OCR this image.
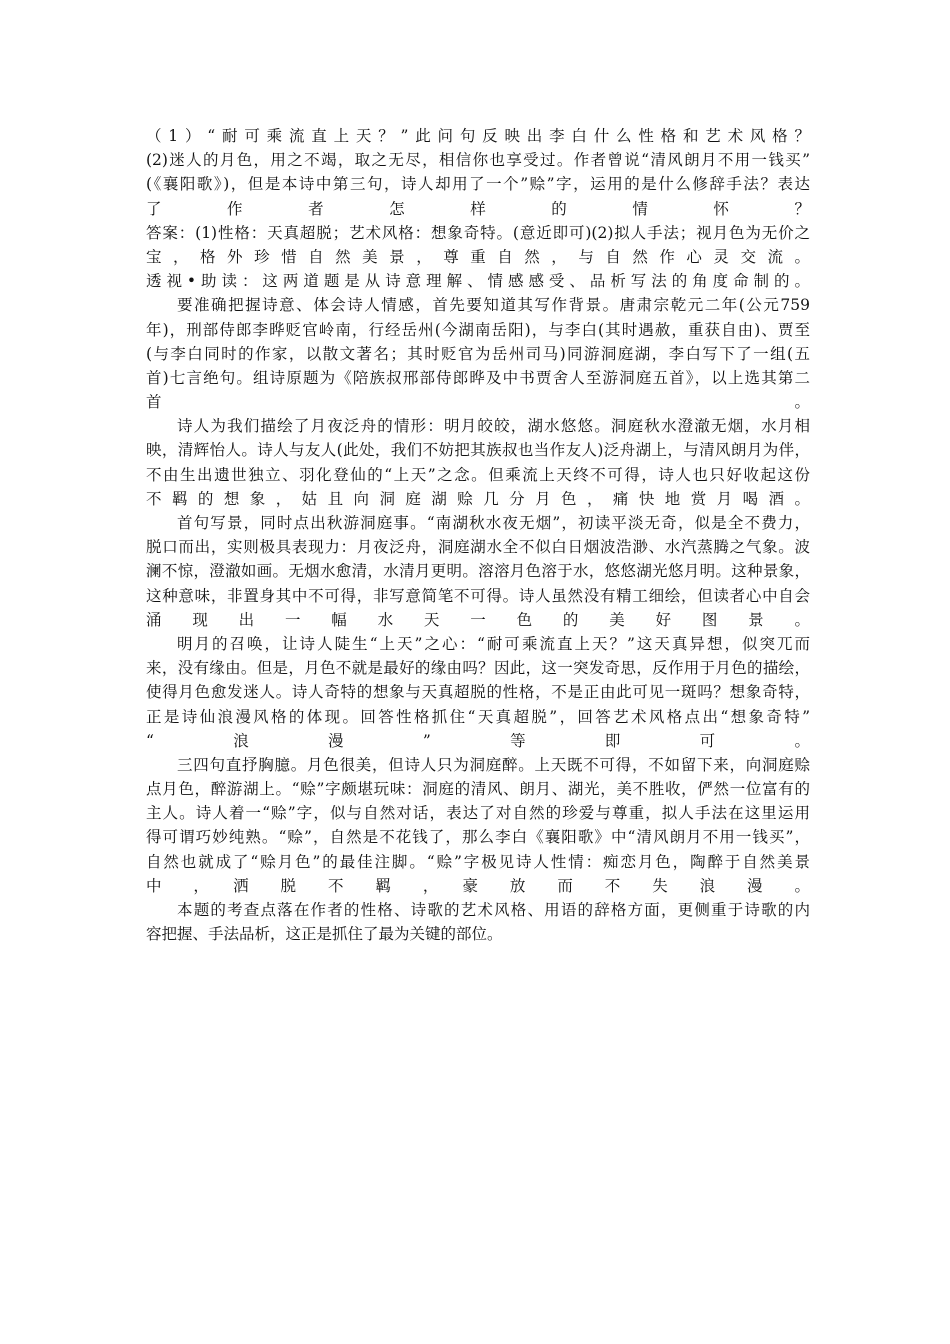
（1）“耐可乘流直上天？”此问句反映出李白什么性格和艺术风格？
(2)迷人的月色，用之不竭，取之无尽，相信你也享受过。作者曾说“清风朗月不用一钱买”
(《襄阳歌》)，但是本诗中第三句，诗人却用了一个”赊”字，运用的是什么修辞手法？表达
了　　作　　者　　怎　　样　　的　　情　　怀　　？
答案：(1)性格：天真超脱；艺术风格：想象奇特。(意近即可)(2)拟人手法；视月色为无价之
宝，格外珍惜自然美景，尊重自然，与自然作心灵交流。
透视•助读：这两道题是从诗意理解、情感感受、品析写法的角度命制的。
要准确把握诗意、体会诗人情感，首先要知道其写作背景。唐肃宗乾元二年(公元759
年)，刑部侍郎李晔贬官岭南，行经岳州(今湖南岳阳)，与李白(其时遇赦，重获自由)、贾至
(与李白同时的作家，以散文著名；其时贬官为岳州司马)同游洞庭湖，李白写下了一组(五
首)七言绝句。组诗原题为《陪族叔邢部侍郎晔及中书贾舍人至游洞庭五首》，以上选其第二
首　　　　　　　　　　　　　　　　　　　　　　　　　　　　　　　　。
诗人为我们描绘了月夜泛舟的情形：明月皎皎，湖水悠悠。洞庭秋水澄澈无烟，水月相
映，清辉怡人。诗人与友人(此处，我们不妨把其族叔也当作友人)泛舟湖上，与清风朗月为伴，
不由生出遗世独立、羽化登仙的“上天”之念。但乘流上天终不可得，诗人也只好收起这份
不羁的想象，姑且向洞庭湖赊几分月色，痛快地赏月喝酒。
首句写景，同时点出秋游洞庭事。“南湖秋水夜无烟”，初读平淡无奇，似是全不费力，
脱口而出，实则极具表现力：月夜泛舟，洞庭湖水全不似白日烟波浩渺、水汽蒸腾之气象。波
澜不惊，澄澈如画。无烟水愈清，水清月更明。溶溶月色溶于水，悠悠湖光悠月明。这种景象，
这种意味，非置身其中不可得，非写意简笔不可得。诗人虽然没有精工细绘，但读者心中自会
涌　现　出　一　幅　水　天　一　色　的　美　好　图　景　。
明月的召唤，让诗人陡生“上天”之心：“耐可乘流直上天？”这天真异想，似突兀而
来，没有缘由。但是，月色不就是最好的缘由吗？因此，这一突发奇思，反作用于月色的描绘，
使得月色愈发迷人。诗人奇特的想象与天真超脱的性格，不是正由此可见一斑吗？想象奇特，
正是诗仙浪漫风格的体现。回答性格抓住“天真超脱”，回答艺术风格点出“想象奇特”
“　　　浪　　　漫　　　”　　　等　　　即　　　可　　　。
三四句直抒胸臆。月色很美，但诗人只为洞庭醉。上天既不可得，不如留下来，向洞庭赊
点月色，醉游湖上。“赊”字颇堪玩味：洞庭的清风、朗月、湖光，美不胜收，俨然一位富有的
主人。诗人着一“赊”字，似与自然对话，表达了对自然的珍爱与尊重，拟人手法在这里运用
得可谓巧妙纯熟。“赊”，自然是不花钱了，那么李白《襄阳歌》中“清风朗月不用一钱买”，
自然也就成了“赊月色”的最佳注脚。“赊”字极见诗人性情：痴恋月色，陶醉于自然美景
中　　，　　洒　　脱　　不　　羁　　，　　豪　　放　　而　　不　　失　　浪　　漫　　。
本题的考查点落在作者的性格、诗歌的艺术风格、用语的辞格方面，更侧重于诗歌的内
容把握、手法品析，这正是抓住了最为关键的部位。
